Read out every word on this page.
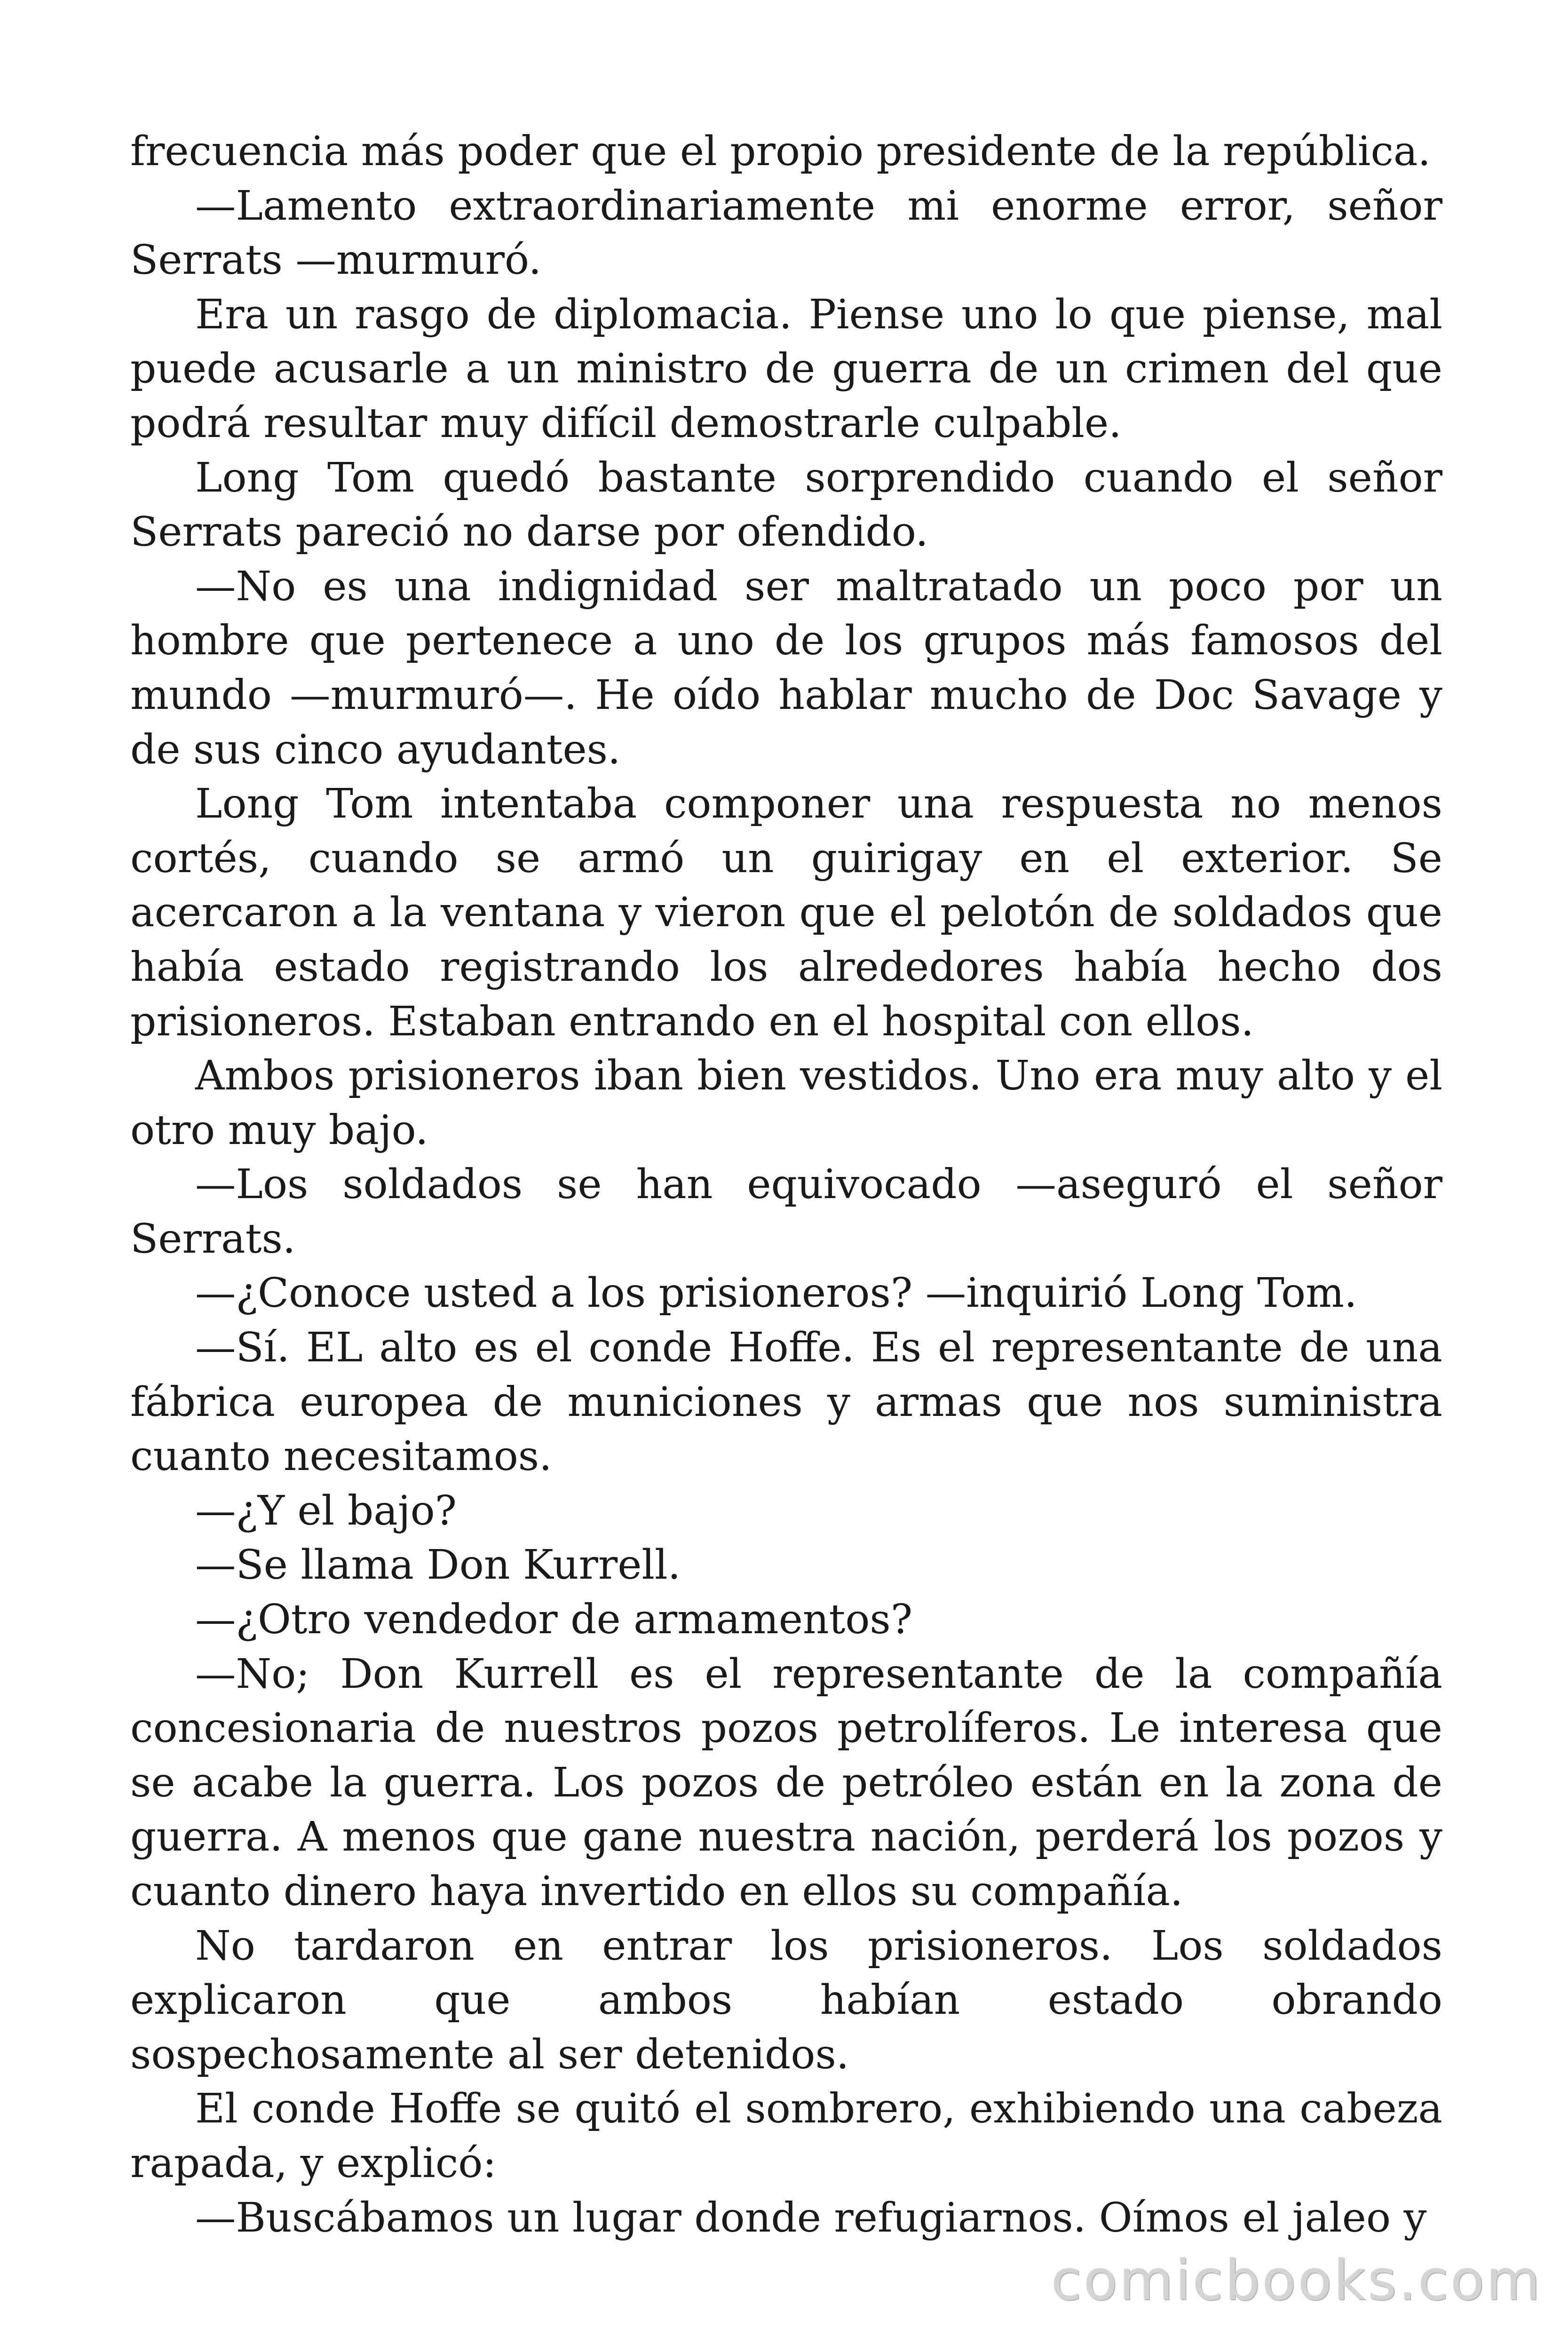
frecuencia más poder que el propio presidente de la república.

—Lamento extraordinariamente mi enorme error, señor Serrats —murmuró.

Era un rasgo de diplomacia. Piense uno lo que piense, mal puede acusarle a un ministro de guerra de un crimen del que podrá resultar muy difícil demostrarle culpable.

Long Tom quedó bastante sorprendido cuando el señor Serrats pareció no darse por ofendido.

—No es una indignidad ser maltratado un poco por un hombre que pertenece a uno de los grupos más famosos del mundo —murmuró—. He oído hablar mucho de Doc Savage y de sus cinco ayudantes.

Long Tom intentaba componer una respuesta no menos cortés, cuando se armó un guirigay en el exterior. Se acercaron a la ventana y vieron que el pelotón de soldados que había estado registrando los alrededores había hecho dos prisioneros. Estaban entrando en el hospital con ellos.

Ambos prisioneros iban bien vestidos. Uno era muy alto y el otro muy bajo.

—Los soldados se han equivocado —aseguró el señor Serrats.

—¿Conoce usted a los prisioneros? —inquirió Long Tom.

—Sí. EL alto es el conde Hoffe. Es el representante de una fábrica europea de municiones y armas que nos suministra cuanto necesitamos.

—¿Y el bajo?

—Se llama Don Kurrell.

—¿Otro vendedor de armamentos?

—No; Don Kurrell es el representante de la compañía concesionaria de nuestros pozos petrolíferos. Le interesa que se acabe la guerra. Los pozos de petróleo están en la zona de guerra. A menos que gane nuestra nación, perderá los pozos y cuanto dinero haya invertido en ellos su compañía.

No tardaron en entrar los prisioneros. Los soldados explicaron que ambos habían estado obrando sospechosamente al ser detenidos.

El conde Hoffe se quitó el sombrero, exhibiendo una cabeza rapada, y explicó:

—Buscábamos un lugar donde refugiarnos. Oímos el jaleo y

comicbooks.com
